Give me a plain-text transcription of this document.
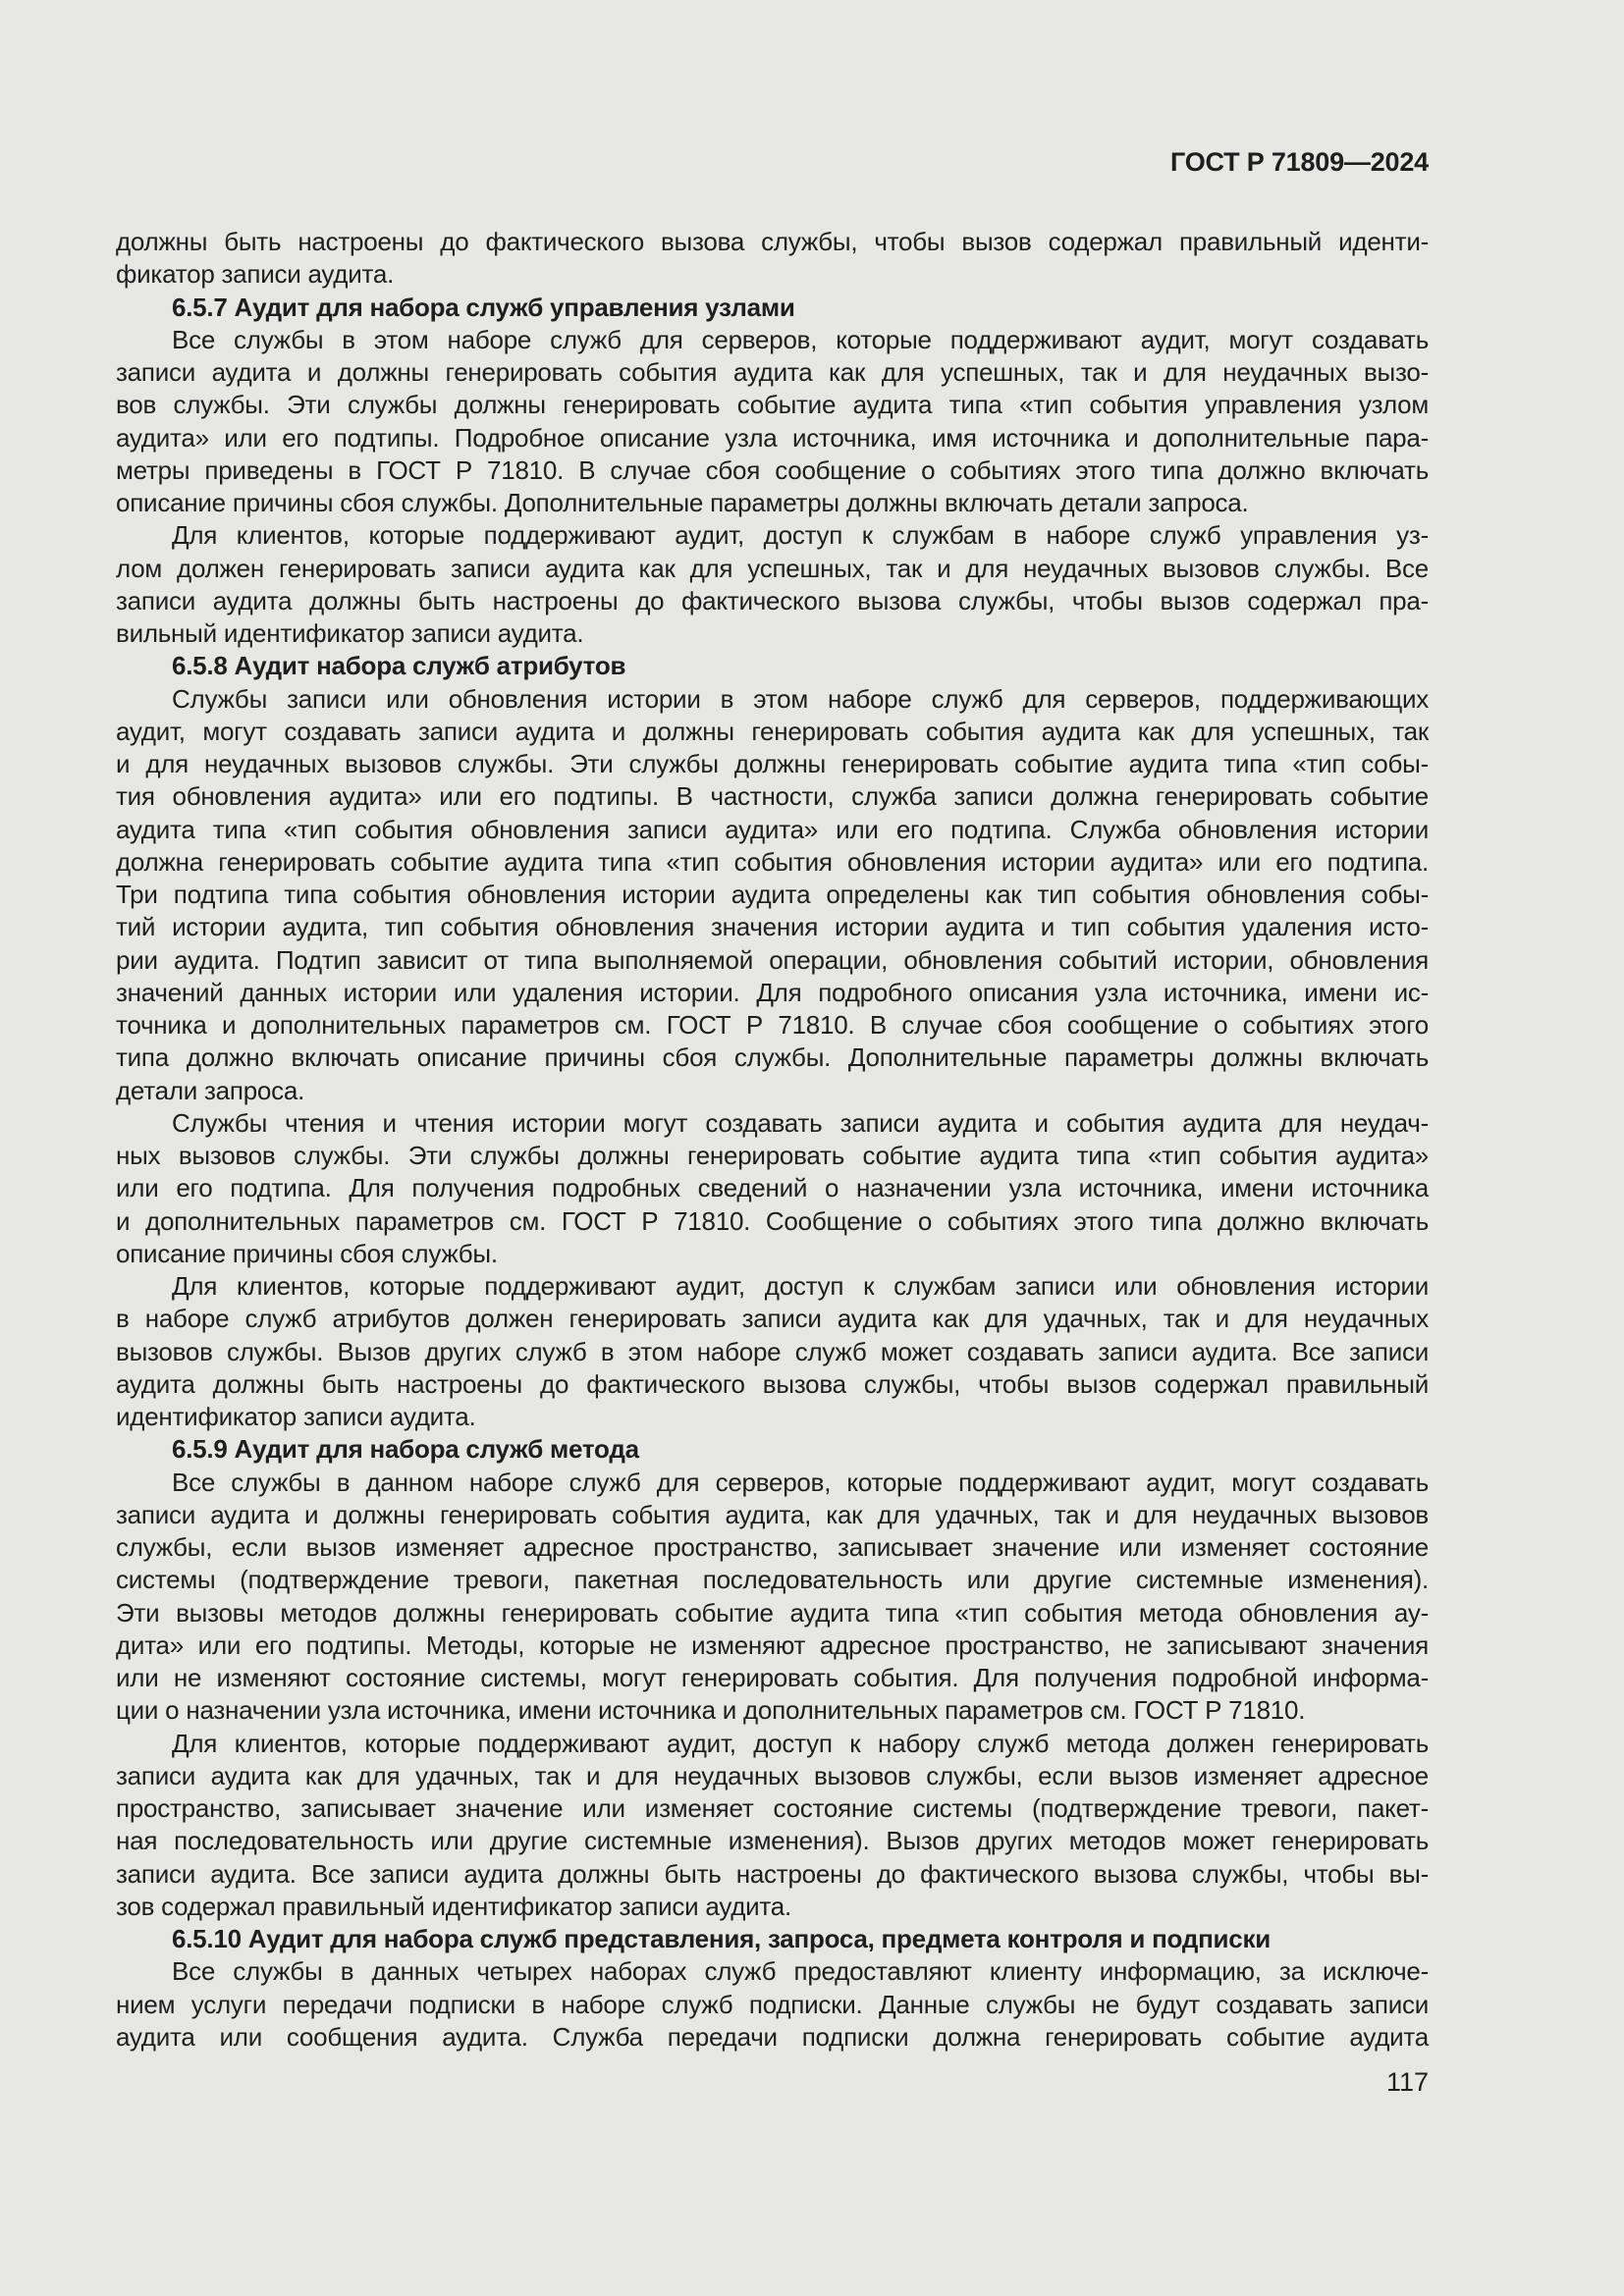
ГОСТ Р 71809—2024
должны быть настроены до фактического вызова службы, чтобы вызов содержал правильный иденти-
фикатор записи аудита.
6.5.7 Аудит для набора служб управления узлами
Все службы в этом наборе служб для серверов, которые поддерживают аудит, могут создавать
записи аудита и должны генерировать события аудита как для успешных, так и для неудачных вызо-
вов службы. Эти службы должны генерировать событие аудита типа «тип события управления узлом
аудита» или его подтипы. Подробное описание узла источника, имя источника и дополнительные пара-
метры приведены в ГОСТ Р 71810. В случае сбоя сообщение о событиях этого типа должно включать
описание причины сбоя службы. Дополнительные параметры должны включать детали запроса.
Для клиентов, которые поддерживают аудит, доступ к службам в наборе служб управления уз-
лом должен генерировать записи аудита как для успешных, так и для неудачных вызовов службы. Все
записи аудита должны быть настроены до фактического вызова службы, чтобы вызов содержал пра-
вильный идентификатор записи аудита.
6.5.8 Аудит набора служб атрибутов
Службы записи или обновления истории в этом наборе служб для серверов, поддерживающих
аудит, могут создавать записи аудита и должны генерировать события аудита как для успешных, так
и для неудачных вызовов службы. Эти службы должны генерировать событие аудита типа «тип собы-
тия обновления аудита» или его подтипы. В частности, служба записи должна генерировать событие
аудита типа «тип события обновления записи аудита» или его подтипа. Служба обновления истории
должна генерировать событие аудита типа «тип события обновления истории аудита» или его подтипа.
Три подтипа типа события обновления истории аудита определены как тип события обновления собы-
тий истории аудита, тип события обновления значения истории аудита и тип события удаления исто-
рии аудита. Подтип зависит от типа выполняемой операции, обновления событий истории, обновления
значений данных истории или удаления истории. Для подробного описания узла источника, имени ис-
точника и дополнительных параметров см. ГОСТ Р 71810. В случае сбоя сообщение о событиях этого
типа должно включать описание причины сбоя службы. Дополнительные параметры должны включать
детали запроса.
Службы чтения и чтения истории могут создавать записи аудита и события аудита для неудач-
ных вызовов службы. Эти службы должны генерировать событие аудита типа «тип события аудита»
или его подтипа. Для получения подробных сведений о назначении узла источника, имени источника
и дополнительных параметров см. ГОСТ Р 71810. Сообщение о событиях этого типа должно включать
описание причины сбоя службы.
Для клиентов, которые поддерживают аудит, доступ к службам записи или обновления истории
в наборе служб атрибутов должен генерировать записи аудита как для удачных, так и для неудачных
вызовов службы. Вызов других служб в этом наборе служб может создавать записи аудита. Все записи
аудита должны быть настроены до фактического вызова службы, чтобы вызов содержал правильный
идентификатор записи аудита.
6.5.9 Аудит для набора служб метода
Все службы в данном наборе служб для серверов, которые поддерживают аудит, могут создавать
записи аудита и должны генерировать события аудита, как для удачных, так и для неудачных вызовов
службы, если вызов изменяет адресное пространство, записывает значение или изменяет состояние
системы (подтверждение тревоги, пакетная последовательность или другие системные изменения).
Эти вызовы методов должны генерировать событие аудита типа «тип события метода обновления ау-
дита» или его подтипы. Методы, которые не изменяют адресное пространство, не записывают значения
или не изменяют состояние системы, могут генерировать события. Для получения подробной информа-
ции о назначении узла источника, имени источника и дополнительных параметров см. ГОСТ Р 71810.
Для клиентов, которые поддерживают аудит, доступ к набору служб метода должен генерировать
записи аудита как для удачных, так и для неудачных вызовов службы, если вызов изменяет адресное
пространство, записывает значение или изменяет состояние системы (подтверждение тревоги, пакет-
ная последовательность или другие системные изменения). Вызов других методов может генерировать
записи аудита. Все записи аудита должны быть настроены до фактического вызова службы, чтобы вы-
зов содержал правильный идентификатор записи аудита.
6.5.10 Аудит для набора служб представления, запроса, предмета контроля и подписки
Все службы в данных четырех наборах служб предоставляют клиенту информацию, за исключе-
нием услуги передачи подписки в наборе служб подписки. Данные службы не будут создавать записи
аудита или сообщения аудита. Служба передачи подписки должна генерировать событие аудита
117
